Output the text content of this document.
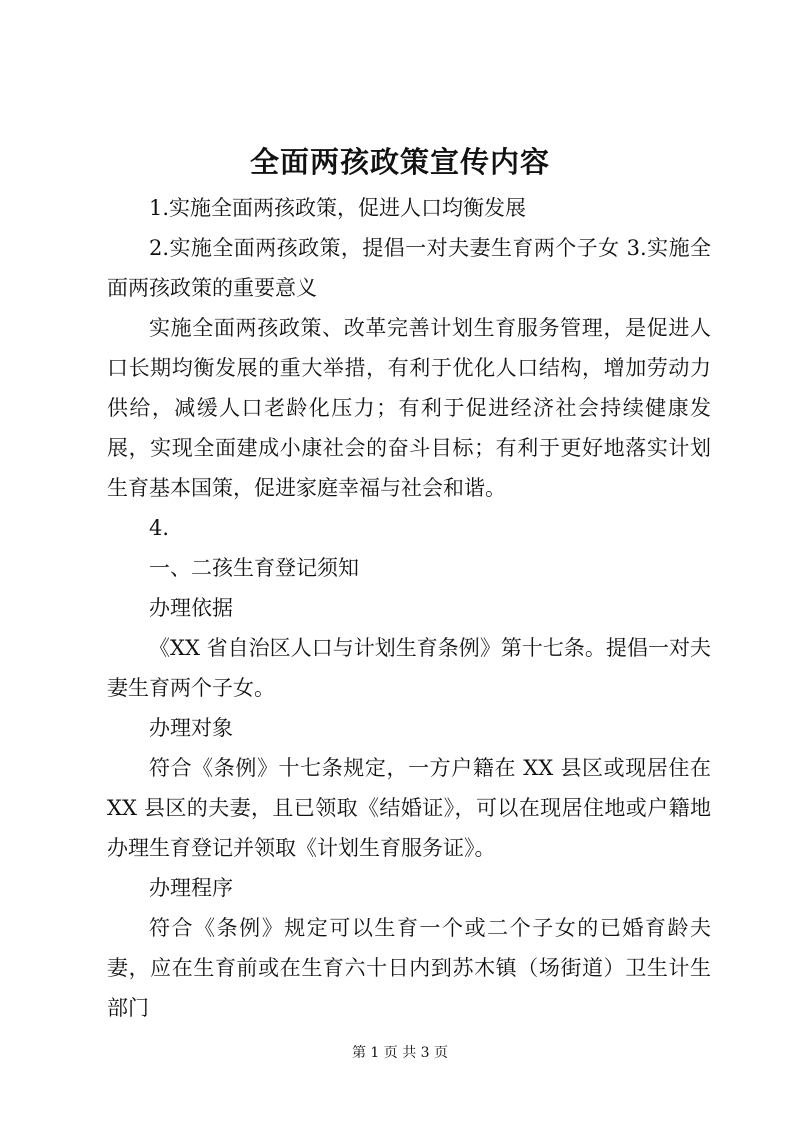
全面两孩政策宣传内容

1.实施全面两孩政策，促进人口均衡发展

2.实施全面两孩政策，提倡一对夫妻生育两个子女 3.实施全面两孩政策的重要意义

实施全面两孩政策、改革完善计划生育服务管理，是促进人口长期均衡发展的重大举措，有利于优化人口结构，增加劳动力供给，减缓人口老龄化压力；有利于促进经济社会持续健康发展，实现全面建成小康社会的奋斗目标；有利于更好地落实计划生育基本国策，促进家庭幸福与社会和谐。

4.

一、二孩生育登记须知

办理依据

《XX 省自治区人口与计划生育条例》第十七条。提倡一对夫妻生育两个子女。

办理对象

符合《条例》十七条规定，一方户籍在 XX 县区或现居住在 XX 县区的夫妻，且已领取《结婚证》，可以在现居住地或户籍地办理生育登记并领取《计划生育服务证》。

办理程序

符合《条例》规定可以生育一个或二个子女的已婚育龄夫妻，应在生育前或在生育六十日内到苏木镇（场街道）卫生计生部门

第 1 页 共 3 页
